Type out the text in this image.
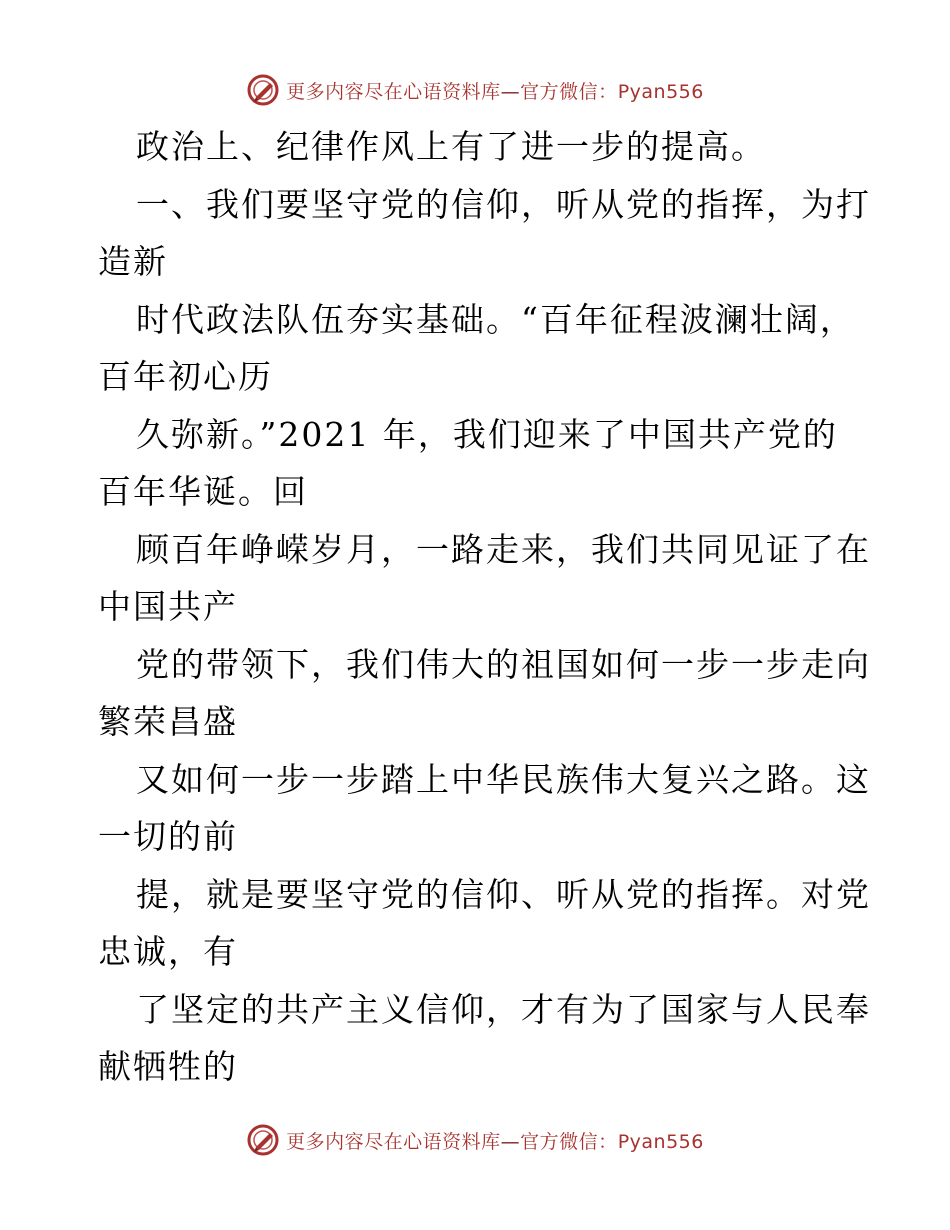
更多内容尽在心语资料库—官方微信：Pyan556
政治上、纪律作风上有了进一步的提高。
一、我们要坚守党的信仰，听从党的指挥，为打
造新
时代政法队伍夯实基础。“百年征程波澜壮阔，
百年初心历
久弥新。”2021 年，我们迎来了中国共产党的
百年华诞。回
顾百年峥嵘岁月，一路走来，我们共同见证了在
中国共产
党的带领下，我们伟大的祖国如何一步一步走向
繁荣昌盛
又如何一步一步踏上中华民族伟大复兴之路。这
一切的前
提，就是要坚守党的信仰、听从党的指挥。对党
忠诚，有
了坚定的共产主义信仰，才有为了国家与人民奉
献牺牲的
更多内容尽在心语资料库—官方微信：Pyan556
